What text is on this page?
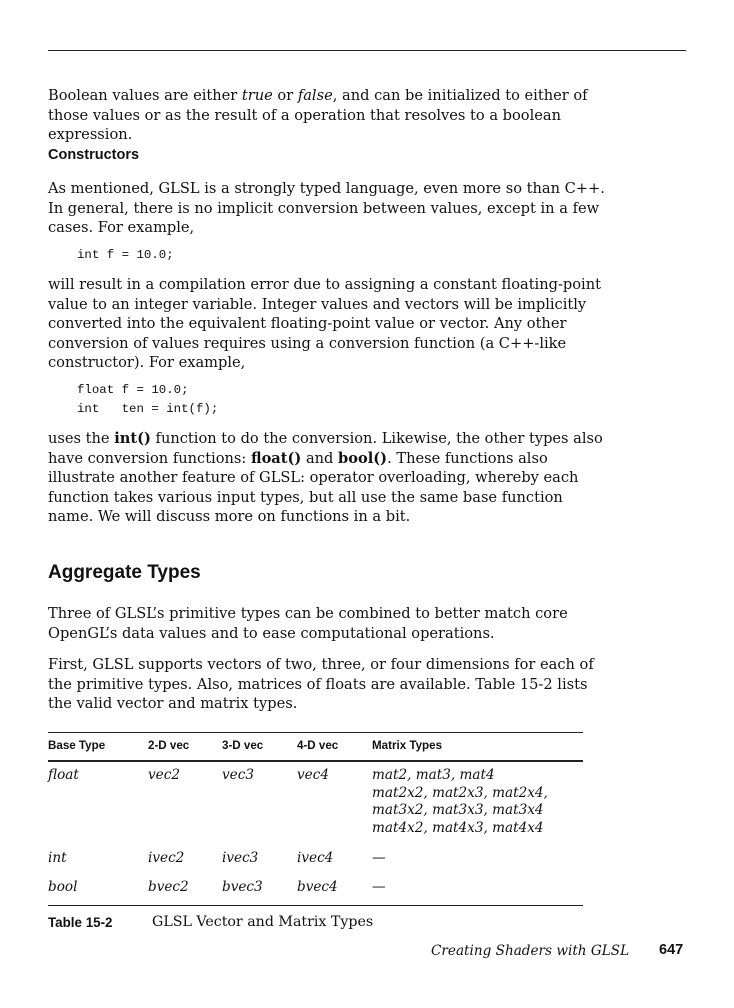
Boolean values are either true or false, and can be initialized to either of those values or as the result of a operation that resolves to a boolean expression.
Constructors
As mentioned, GLSL is a strongly typed language, even more so than C++. In general, there is no implicit conversion between values, except in a few cases. For example,
int f = 10.0;
will result in a compilation error due to assigning a constant floating-point value to an integer variable. Integer values and vectors will be implicitly converted into the equivalent floating-point value or vector. Any other conversion of values requires using a conversion function (a C++-like constructor). For example,
float f = 10.0;
int   ten = int(f);
uses the int() function to do the conversion. Likewise, the other types also have conversion functions: float() and bool(). These functions also illustrate another feature of GLSL: operator overloading, whereby each function takes various input types, but all use the same base function name. We will discuss more on functions in a bit.
Aggregate Types
Three of GLSL’s primitive types can be combined to better match core OpenGL’s data values and to ease computational operations.
First, GLSL supports vectors of two, three, or four dimensions for each of the primitive types. Also, matrices of floats are available. Table 15-2 lists the valid vector and matrix types.
Base Type	2-D vec	3-D vec	4-D vec	Matrix Types
float	vec2	vec3	vec4	mat2, mat3, mat4
mat2x2, mat2x3, mat2x4,
mat3x2, mat3x3, mat3x4
mat4x2, mat4x3, mat4x4
int	ivec2	ivec3	ivec4	—
bool	bvec2 bvec3	bvec4	—
Table 15-2	GLSL Vector and Matrix Types
Creating Shaders with GLSL 647
